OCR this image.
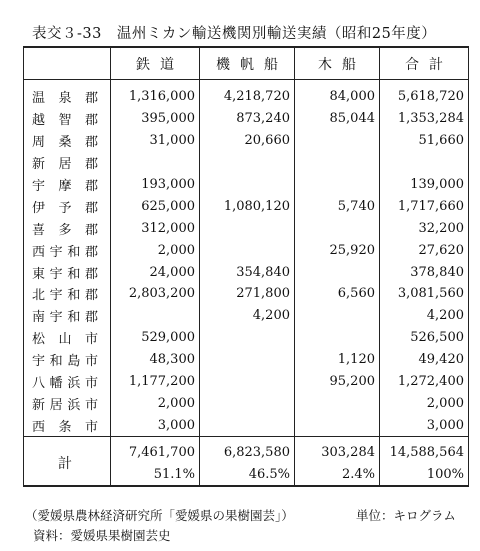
表交３-33　温州ミカン輸送機関別輸送実績（昭和25年度）
	鉄道	機帆船	木船	合計
温泉郡	1,316,000	4,218,720	84,000	5,618,720
越智郡	395,000	873,240	85,044	1,353,284
周桑郡	31,000	20,660		51,660
新居郡				
宇摩郡	193,000			139,000
伊予郡	625,000	1,080,120	5,740	1,717,660
喜多郡	312,000			32,200
西宇和郡	2,000		25,920	27,620
東宇和郡	24,000	354,840		378,840
北宇和郡	2,803,200	271,800	6,560	3,081,560
南宇和郡		4,200		4,200
松山市	529,000			526,500
宇和島市	48,300		1,120	49,420
八幡浜市	1,177,200		95,200	1,272,400
新居浜市	2,000			2,000
西条市	3,000			3,000
計	7,461,700	6,823,580	303,284	14,588,564
	51.1%	46.5%	2.4%	100%
（愛媛県農林経済研究所「愛媛県の果樹園芸」）	単位：キログラム
資料：愛媛県果樹園芸史
